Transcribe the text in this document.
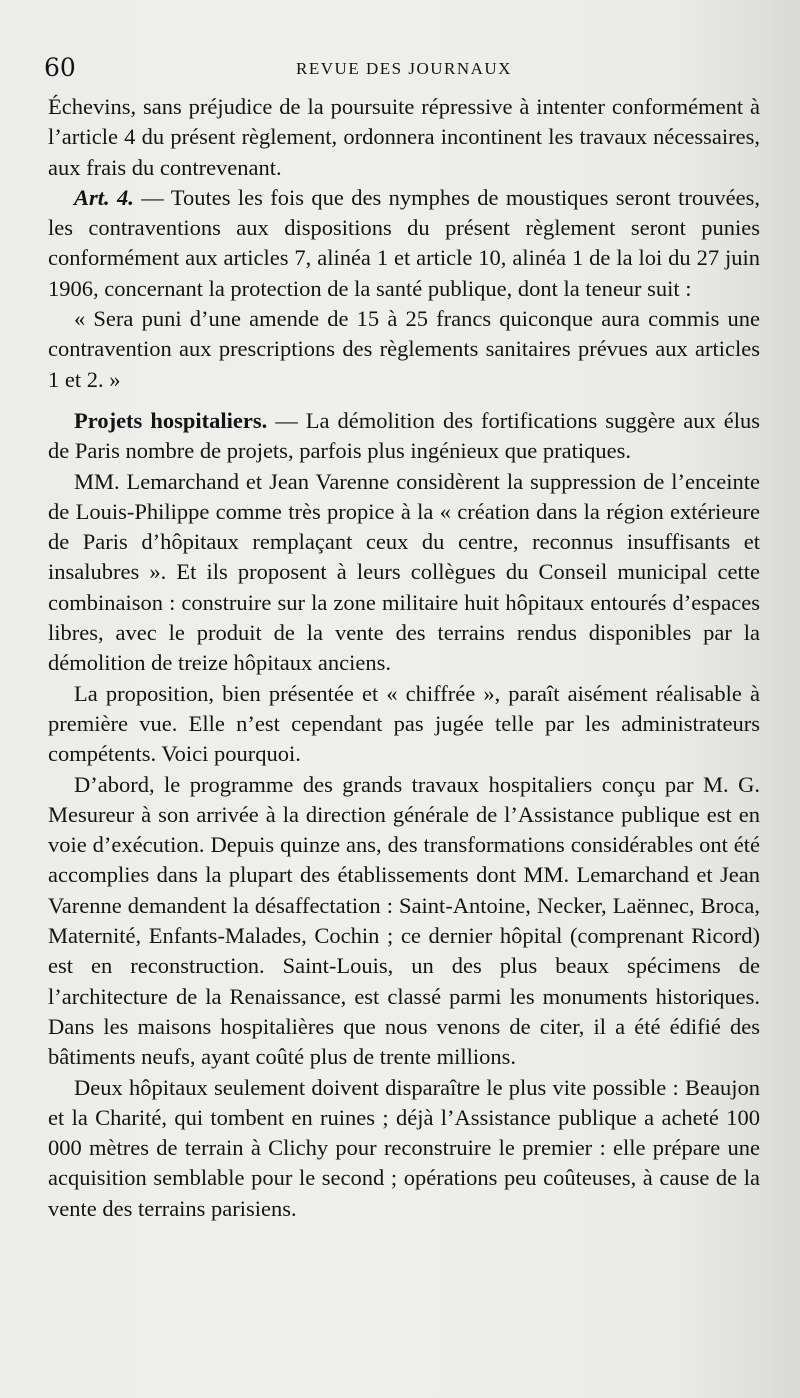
60	REVUE DES JOURNAUX

Échevins, sans préjudice de la poursuite répressive à intenter conformément à l’article 4 du présent règlement, ordonnera incontinent les travaux nécessaires, aux frais du contrevenant.

Art. 4. — Toutes les fois que des nymphes de moustiques seront trouvées, les contraventions aux dispositions du présent règlement seront punies conformément aux articles 7, alinéa 1 et article 10, alinéa 1 de la loi du 27 juin 1906, concernant la protection de la santé publique, dont la teneur suit :

« Sera puni d’une amende de 15 à 25 francs quiconque aura commis une contravention aux prescriptions des règlements sanitaires prévues aux articles 1 et 2. »

Projets hospitaliers. — La démolition des fortifications suggère aux élus de Paris nombre de projets, parfois plus ingénieux que pratiques.

MM. Lemarchand et Jean Varenne considèrent la suppression de l’enceinte de Louis-Philippe comme très propice à la « création dans la région extérieure de Paris d’hôpitaux remplaçant ceux du centre, reconnus insuffisants et insalubres ». Et ils proposent à leurs collègues du Conseil municipal cette combinaison : construire sur la zone militaire huit hôpitaux entourés d’espaces libres, avec le produit de la vente des terrains rendus disponibles par la démolition de treize hôpitaux anciens.

La proposition, bien présentée et « chiffrée », paraît aisément réalisable à première vue. Elle n’est cependant pas jugée telle par les administrateurs compétents. Voici pourquoi.

D’abord, le programme des grands travaux hospitaliers conçu par M. G. Mesureur à son arrivée à la direction générale de l’Assistance publique est en voie d’exécution. Depuis quinze ans, des transformations considérables ont été accomplies dans la plupart des établissements dont MM. Lemarchand et Jean Varenne demandent la désaffectation : Saint-Antoine, Necker, Laënnec, Broca, Maternité, Enfants-Malades, Cochin ; ce dernier hôpital (comprenant Ricord) est en reconstruction. Saint-Louis, un des plus beaux spécimens de l’architecture de la Renaissance, est classé parmi les monuments historiques. Dans les maisons hospitalières que nous venons de citer, il a été édifié des bâtiments neufs, ayant coûté plus de trente millions.

Deux hôpitaux seulement doivent disparaître le plus vite possible : Beaujon et la Charité, qui tombent en ruines ; déjà l’Assistance publique a acheté 100 000 mètres de terrain à Clichy pour reconstruire le premier : elle prépare une acquisition semblable pour le second ; opérations peu coûteuses, à cause de la vente des terrains parisiens.
